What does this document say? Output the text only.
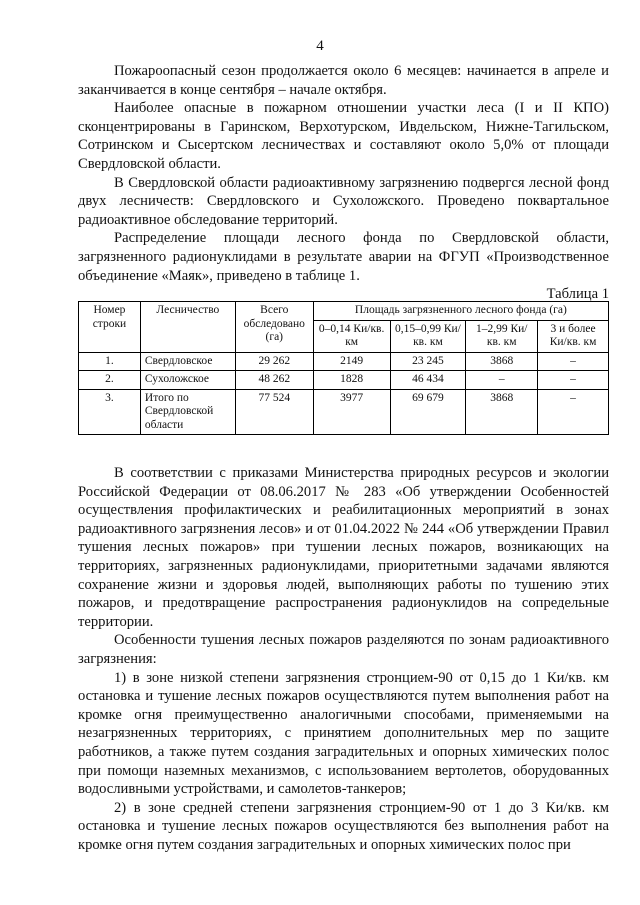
4

Пожароопасный сезон продолжается около 6 месяцев: начинается в апреле и заканчивается в конце сентября – начале октября.

Наиболее опасные в пожарном отношении участки леса (I и II КПО) сконцентрированы в Гаринском, Верхотурском, Ивдельском, Нижне-Тагильском, Сотринском и Сысертском лесничествах и составляют около 5,0% от площади Свердловской области.

В Свердловской области радиоактивному загрязнению подвергся лесной фонд двух лесничеств: Свердловского и Сухоложского. Проведено поквартальное радиоактивное обследование территорий.

Распределение площади лесного фонда по Свердловской области, загрязненного радионуклидами в результате аварии на ФГУП «Производственное объединение «Маяк», приведено в таблице 1.

Таблица 1

Номер строки	Лесничество	Всего обследовано (га)	Площадь загрязненного лесного фонда (га)			
			0–0,14 Ки/кв. км	0,15–0,99 Ки/кв. км	1–2,99 Ки/кв. км	3 и более Ки/кв. км
1.	Свердловское	29 262	2149	23 245	3868	–
2.	Сухоложское	48 262	1828	46 434	–	–
3.	Итого по Свердловской области	77 524	3977	69 679	3868	–

В соответствии с приказами Министерства природных ресурсов и экологии Российской Федерации от 08.06.2017 № 283 «Об утверждении Особенностей осуществления профилактических и реабилитационных мероприятий в зонах радиоактивного загрязнения лесов» и от 01.04.2022 № 244 «Об утверждении Правил тушения лесных пожаров» при тушении лесных пожаров, возникающих на территориях, загрязненных радионуклидами, приоритетными задачами являются сохранение жизни и здоровья людей, выполняющих работы по тушению этих пожаров, и предотвращение распространения радионуклидов на сопредельные территории.

Особенности тушения лесных пожаров разделяются по зонам радиоактивного загрязнения:

1) в зоне низкой степени загрязнения стронцием-90 от 0,15 до 1 Ки/кв. км остановка и тушение лесных пожаров осуществляются путем выполнения работ на кромке огня преимущественно аналогичными способами, применяемыми на незагрязненных территориях, с принятием дополнительных мер по защите работников, а также путем создания заградительных и опорных химических полос при помощи наземных механизмов, с использованием вертолетов, оборудованных водосливными устройствами, и самолетов-танкеров;

2) в зоне средней степени загрязнения стронцием-90 от 1 до 3 Ки/кв. км остановка и тушение лесных пожаров осуществляются без выполнения работ на кромке огня путем создания заградительных и опорных химических полос при
